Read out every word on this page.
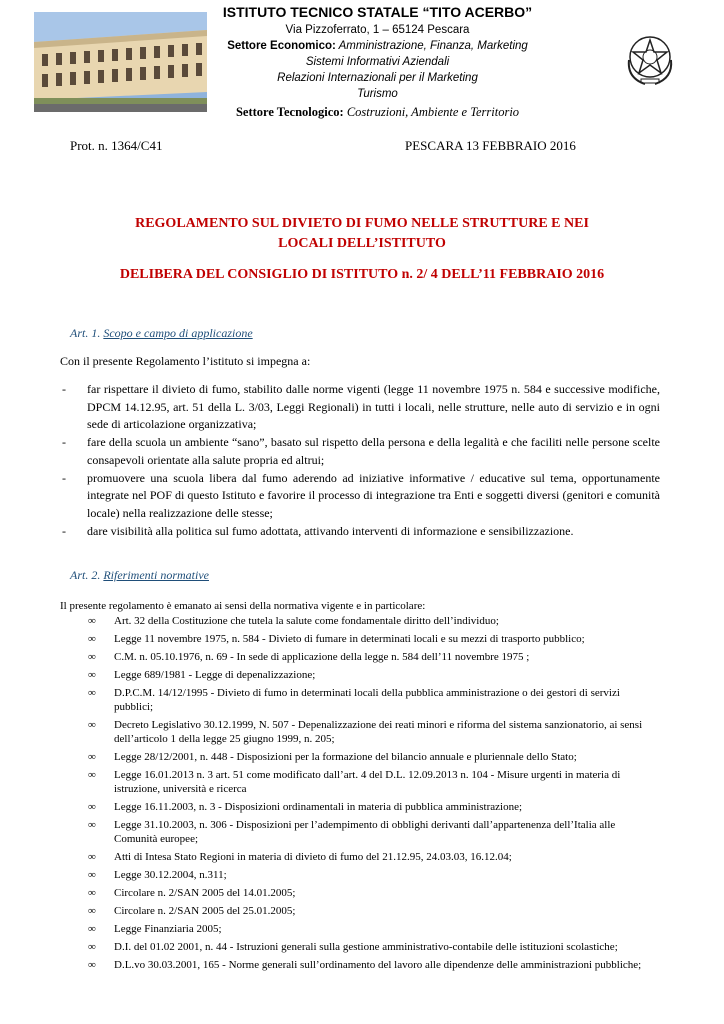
ISTITUTO TECNICO STATALE “TITO ACERBO”
Via Pizzoferrato, 1 – 65124 Pescara
Settore Economico: Amministrazione, Finanza, Marketing
Sistemi Informativi Aziendali
Relazioni Internazionali per il Marketing
Turismo
Settore Tecnologico: Costruzioni, Ambiente e Territorio
Prot. n. 1364/C41	PESCARA 13 FEBBRAIO 2016
REGOLAMENTO SUL DIVIETO DI FUMO NELLE STRUTTURE E NEI
LOCALI DELL’ISTITUTO
DELIBERA DEL CONSIGLIO DI ISTITUTO n. 2/ 4 DELL’11 FEBBRAIO 2016
Art. 1. Scopo e campo di applicazione
Con il presente Regolamento l’istituto si impegna a:
- far rispettare il divieto di fumo, stabilito dalle norme vigenti (legge 11 novembre 1975 n. 584 e successive modifiche, DPCM 14.12.95, art. 51 della L. 3/03, Leggi Regionali) in tutti i locali, nelle strutture, nelle auto di servizio e in ogni sede di articolazione organizzativa;
- fare della scuola un ambiente “sano”, basato sul rispetto della persona e della legalità e che faciliti nelle persone scelte consapevoli orientate alla salute propria ed altrui;
- promuovere una scuola libera dal fumo aderendo ad iniziative informative / educative sul tema, opportunamente integrate nel POF di questo Istituto e favorire il processo di integrazione tra Enti e soggetti diversi (genitori e comunità locale) nella realizzazione delle stesse;
- dare visibilità alla politica sul fumo adottata, attivando interventi di informazione e sensibilizzazione.
Art. 2. Riferimenti normative
Il presente regolamento è emanato ai sensi della normativa vigente e in particolare:
∞ Art. 32 della Costituzione che tutela la salute come fondamentale diritto dell’individuo;
∞ Legge 11 novembre 1975, n. 584 - Divieto di fumare in determinati locali e su mezzi di trasporto pubblico;
∞ C.M. n. 05.10.1976, n. 69 - In sede di applicazione della legge n. 584 dell’11 novembre 1975 ;
∞ Legge 689/1981 - Legge di depenalizzazione;
∞ D.P.C.M. 14/12/1995 - Divieto di fumo in determinati locali della pubblica amministrazione o dei gestori di servizi pubblici;
∞ Decreto Legislativo 30.12.1999, N. 507 - Depenalizzazione dei reati minori e riforma del sistema sanzionatorio, ai sensi dell’articolo 1 della legge 25 giugno 1999, n. 205;
∞ Legge 28/12/2001, n. 448 - Disposizioni per la formazione del bilancio annuale e pluriennale dello Stato;
∞ Legge 16.01.2013 n. 3 art. 51 come modificato dall’art. 4 del D.L. 12.09.2013 n. 104 - Misure urgenti in materia di istruzione, università e ricerca
∞ Legge 16.11.2003, n. 3 - Disposizioni ordinamentali in materia di pubblica amministrazione;
∞ Legge 31.10.2003, n. 306 - Disposizioni per l’adempimento di obblighi derivanti dall’appartenenza dell’Italia alle Comunità europee;
∞ Atti di Intesa Stato Regioni in materia di divieto di fumo del 21.12.95, 24.03.03, 16.12.04;
∞ Legge 30.12.2004, n.311;
∞ Circolare n. 2/SAN 2005 del 14.01.2005;
∞ Circolare n. 2/SAN 2005 del 25.01.2005;
∞ Legge Finanziaria 2005;
∞ D.I. del 01.02 2001, n. 44 - Istruzioni generali sulla gestione amministrativo-contabile delle istituzioni scolastiche;
∞ D.L.vo 30.03.2001, 165 - Norme generali sull’ordinamento del lavoro alle dipendenze delle amministrazioni pubbliche;
